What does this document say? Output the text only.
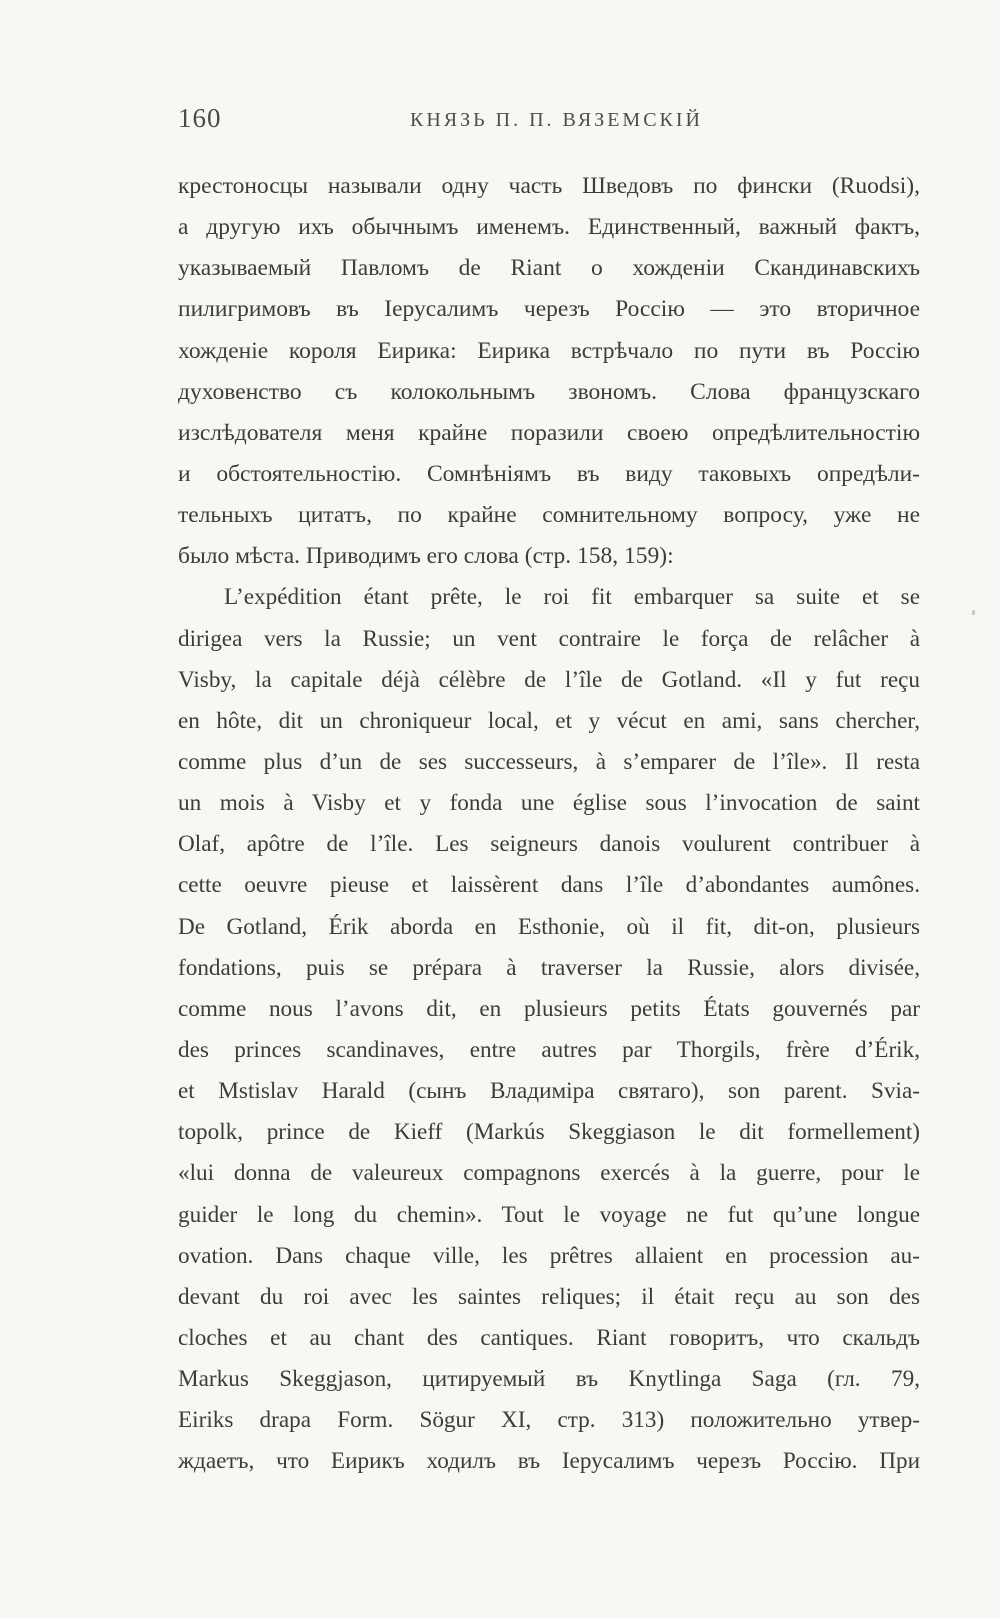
160	КНЯЗЬ П. П. ВЯЗЕМСКІЙ
крестоносцы называли одну часть Шведовъ по фински (Ruodsi),
а другую ихъ обычнымъ именемъ. Единственный, важный фактъ,
указываемый Павломъ de Riant о хожденіи Скандинавскихъ
пилигримовъ въ Іерусалимъ черезъ Россію — это вторичное
хожденіе короля Еирика: Еирика встрѣчало по пути въ Россію
духовенство съ колокольнымъ звономъ. Слова французскаго
изслѣдователя меня крайне поразили своею опредѣлительностію
и обстоятельностію. Сомнѣніямъ въ виду таковыхъ опредѣли-
тельныхъ цитатъ, по крайне сомнительному вопросу, уже не
было мѣста. Приводимъ его слова (стр. 158, 159):
L’expédition étant prête, le roi fit embarquer sa suite et se
dirigea vers la Russie; un vent contraire le força de relâcher à
Visby, la capitale déjà célèbre de l’île de Gotland. «Il y fut reçu
en hôte, dit un chroniqueur local, et y vécut en ami, sans chercher,
comme plus d’un de ses successeurs, à s’emparer de l’île». Il resta
un mois à Visby et y fonda une église sous l’invocation de saint
Olaf, apôtre de l’île. Les seigneurs danois voulurent contribuer à
cette oeuvre pieuse et laissèrent dans l’île d’abondantes aumônes.
De Gotland, Érik aborda en Esthonie, où il fit, dit-on, plusieurs
fondations, puis se prépara à traverser la Russie, alors divisée,
comme nous l’avons dit, en plusieurs petits États gouvernés par
des princes scandinaves, entre autres par Thorgils, frère d’Érik,
et Mstislav Harald (сынъ Владиміра святаго), son parent. Svia-
topolk, prince de Kieff (Markús Skeggiason le dit formellement)
«lui donna de valeureux compagnons exercés à la guerre, pour le
guider le long du chemin». Tout le voyage ne fut qu’une longue
ovation. Dans chaque ville, les prêtres allaient en procession au-
devant du roi avec les saintes reliques; il était reçu au son des
cloches et au chant des cantiques. Riant говоритъ, что скальдъ
Markus Skeggjason, цитируемый въ Knytlinga Saga (гл. 79,
Eiriks drapa Form. Sögur XI, стр. 313) положительно утвер-
ждаетъ, что Еирикъ ходилъ въ Іерусалимъ черезъ Россію. При
